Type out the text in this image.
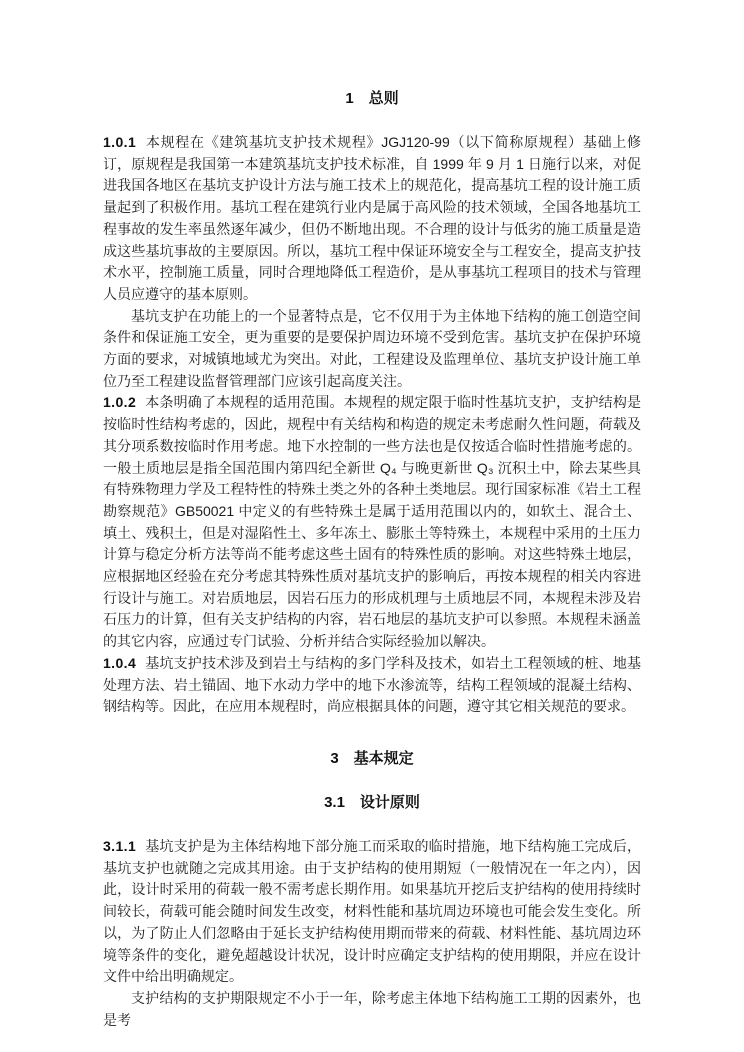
1　总则

1.0.1 本规程在《建筑基坑支护技术规程》JGJ120-99（以下简称原规程）基础上修订，原规程是我国第一本建筑基坑支护技术标准，自 1999 年 9 月 1 日施行以来，对促进我国各地区在基坑支护设计方法与施工技术上的规范化，提高基坑工程的设计施工质量起到了积极作用。基坑工程在建筑行业内是属于高风险的技术领域，全国各地基坑工程事故的发生率虽然逐年减少，但仍不断地出现。不合理的设计与低劣的施工质量是造成这些基坑事故的主要原因。所以，基坑工程中保证环境安全与工程安全，提高支护技术水平，控制施工质量，同时合理地降低工程造价，是从事基坑工程项目的技术与管理人员应遵守的基本原则。

基坑支护在功能上的一个显著特点是，它不仅用于为主体地下结构的施工创造空间条件和保证施工安全，更为重要的是要保护周边环境不受到危害。基坑支护在保护环境方面的要求，对城镇地域尤为突出。对此，工程建设及监理单位、基坑支护设计施工单位乃至工程建设监督管理部门应该引起高度关注。

1.0.2 本条明确了本规程的适用范围。本规程的规定限于临时性基坑支护，支护结构是按临时性结构考虑的，因此，规程中有关结构和构造的规定未考虑耐久性问题，荷载及其分项系数按临时作用考虑。地下水控制的一些方法也是仅按适合临时性措施考虑的。一般土质地层是指全国范围内第四纪全新世 Q₄ 与晚更新世 Q₃ 沉积土中，除去某些具有特殊物理力学及工程特性的特殊土类之外的各种土类地层。现行国家标准《岩土工程勘察规范》GB50021 中定义的有些特殊土是属于适用范围以内的，如软土、混合土、填土、残积土，但是对湿陷性土、多年冻土、膨胀土等特殊土，本规程中采用的土压力计算与稳定分析方法等尚不能考虑这些土固有的特殊性质的影响。对这些特殊土地层，应根据地区经验在充分考虑其特殊性质对基坑支护的影响后，再按本规程的相关内容进行设计与施工。对岩质地层，因岩石压力的形成机理与土质地层不同，本规程未涉及岩石压力的计算，但有关支护结构的内容，岩石地层的基坑支护可以参照。本规程未涵盖的其它内容，应通过专门试验、分析并结合实际经验加以解决。

1.0.4 基坑支护技术涉及到岩土与结构的多门学科及技术，如岩土工程领域的桩、地基处理方法、岩土锚固、地下水动力学中的地下水渗流等，结构工程领域的混凝土结构、钢结构等。因此，在应用本规程时，尚应根据具体的问题，遵守其它相关规范的要求。

3　基本规定
3.1　设计原则

3.1.1 基坑支护是为主体结构地下部分施工而采取的临时措施，地下结构施工完成后，基坑支护也就随之完成其用途。由于支护结构的使用期短（一般情况在一年之内），因此，设计时采用的荷载一般不需考虑长期作用。如果基坑开挖后支护结构的使用持续时间较长，荷载可能会随时间发生改变，材料性能和基坑周边环境也可能会发生变化。所以，为了防止人们忽略由于延长支护结构使用期而带来的荷载、材料性能、基坑周边环境等条件的变化，避免超越设计状况，设计时应确定支护结构的使用期限，并应在设计文件中给出明确规定。

支护结构的支护期限规定不小于一年，除考虑主体地下结构施工工期的因素外，也是考
